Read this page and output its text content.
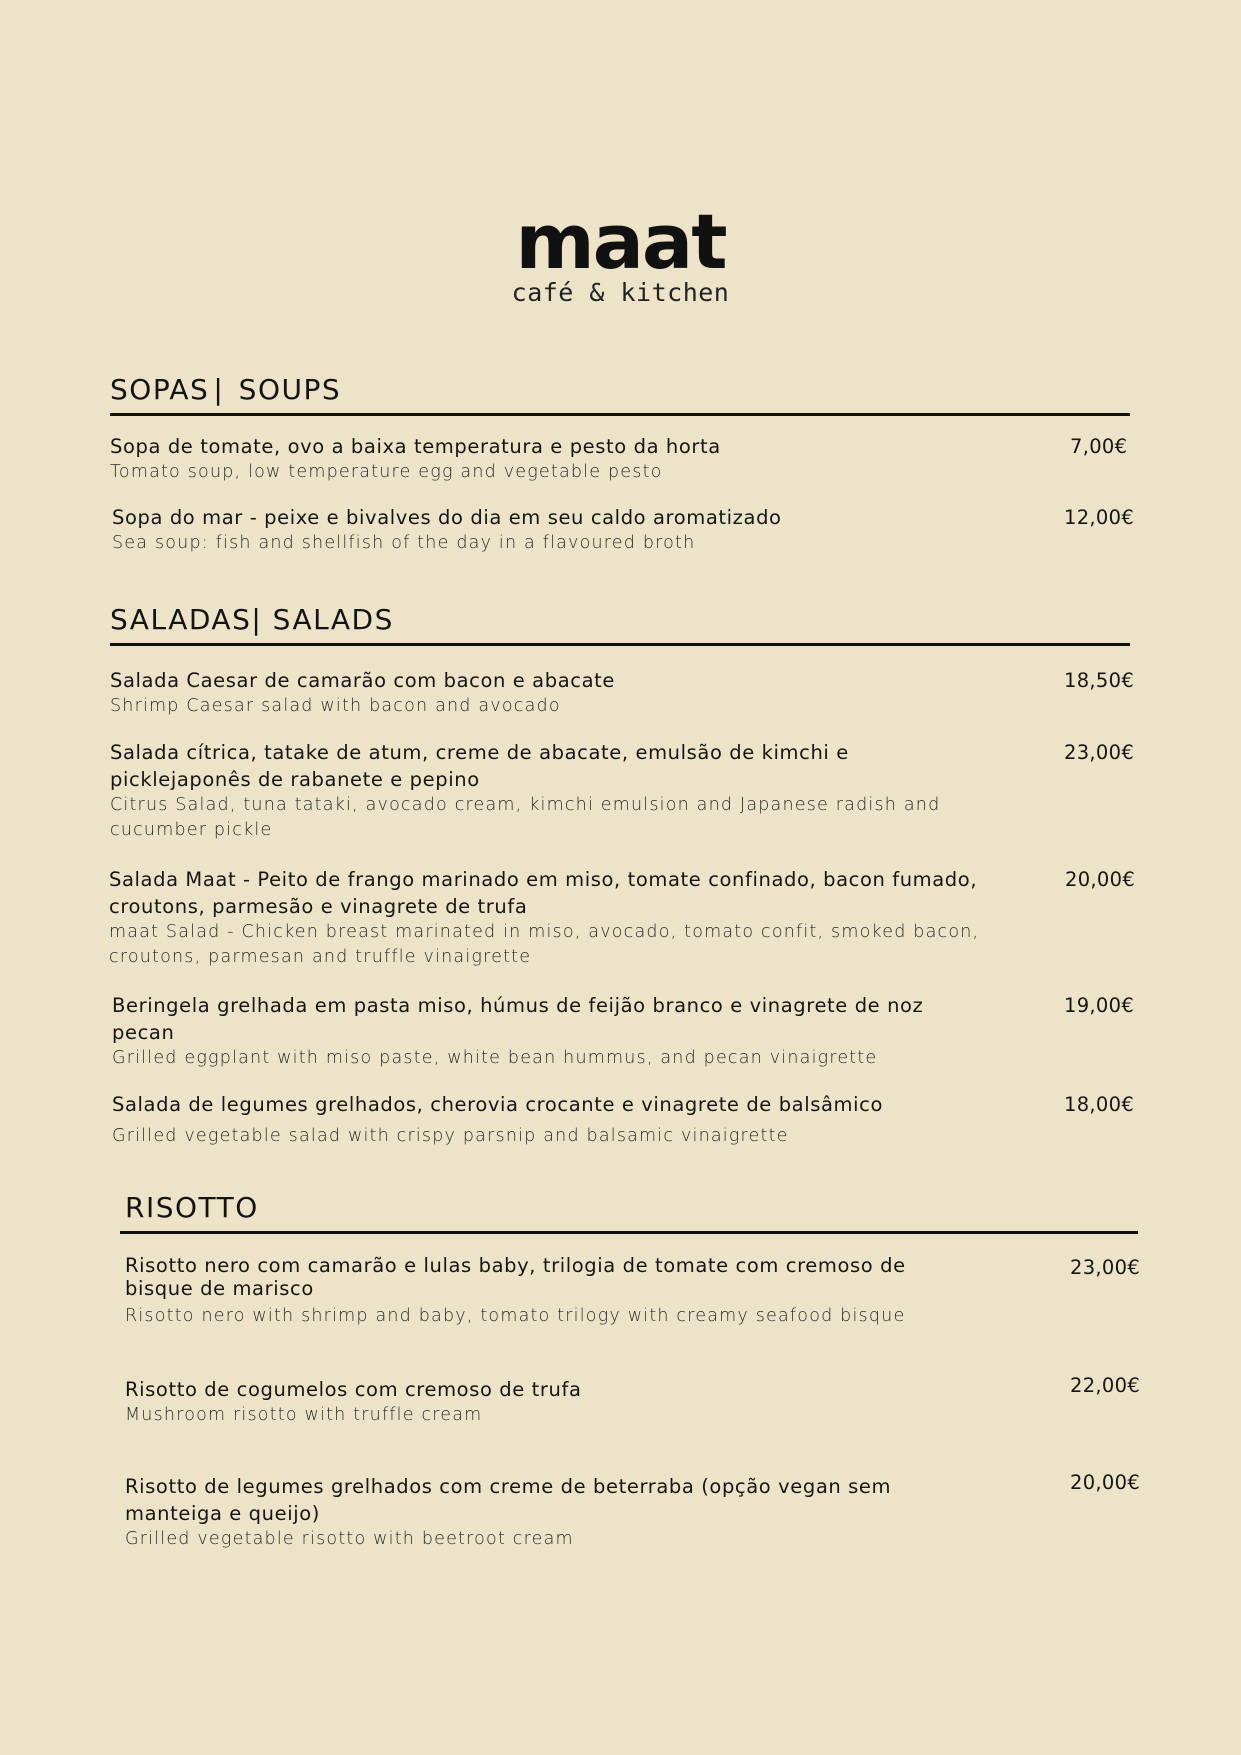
maat
café & kitchen
SOPAS | SOUPS
Sopa de tomate, ovo a baixa temperatura e pesto da horta
Tomato soup, low temperature egg and vegetable pesto
7,00€
Sopa do mar - peixe e bivalves do dia em seu caldo aromatizado
Sea soup: fish and shellfish of the day in a flavoured broth
12,00€
SALADAS| SALADS
Salada Caesar de camarão com bacon e abacate
Shrimp Caesar salad with bacon and avocado
18,50€
Salada cítrica, tatake de atum, creme de abacate, emulsão de kimchi e picklejaponês de rabanete e pepino
Citrus Salad, tuna tataki, avocado cream, kimchi emulsion and Japanese radish and cucumber pickle
23,00€
Salada Maat - Peito de frango marinado em miso, tomate confinado, bacon fumado, croutons, parmesão e vinagrete de trufa
maat Salad - Chicken breast marinated in miso, avocado, tomato confit, smoked bacon, croutons, parmesan and truffle vinaigrette
20,00€
Beringela grelhada em pasta miso, húmus de feijão branco e vinagrete de noz pecan
Grilled eggplant with miso paste, white bean hummus, and pecan vinaigrette
19,00€
Salada de legumes grelhados, cherovia crocante e vinagrete de balsâmico
Grilled vegetable salad with crispy parsnip and balsamic vinaigrette
18,00€
RISOTTO
Risotto nero com camarão e lulas baby, trilogia de tomate com cremoso de bisque de marisco
Risotto nero with shrimp and baby, tomato trilogy with creamy seafood bisque
23,00€
Risotto de cogumelos com cremoso de trufa
Mushroom risotto with truffle cream
22,00€
Risotto de legumes grelhados com creme de beterraba (opção vegan sem manteiga e queijo)
Grilled vegetable risotto with beetroot cream
20,00€
